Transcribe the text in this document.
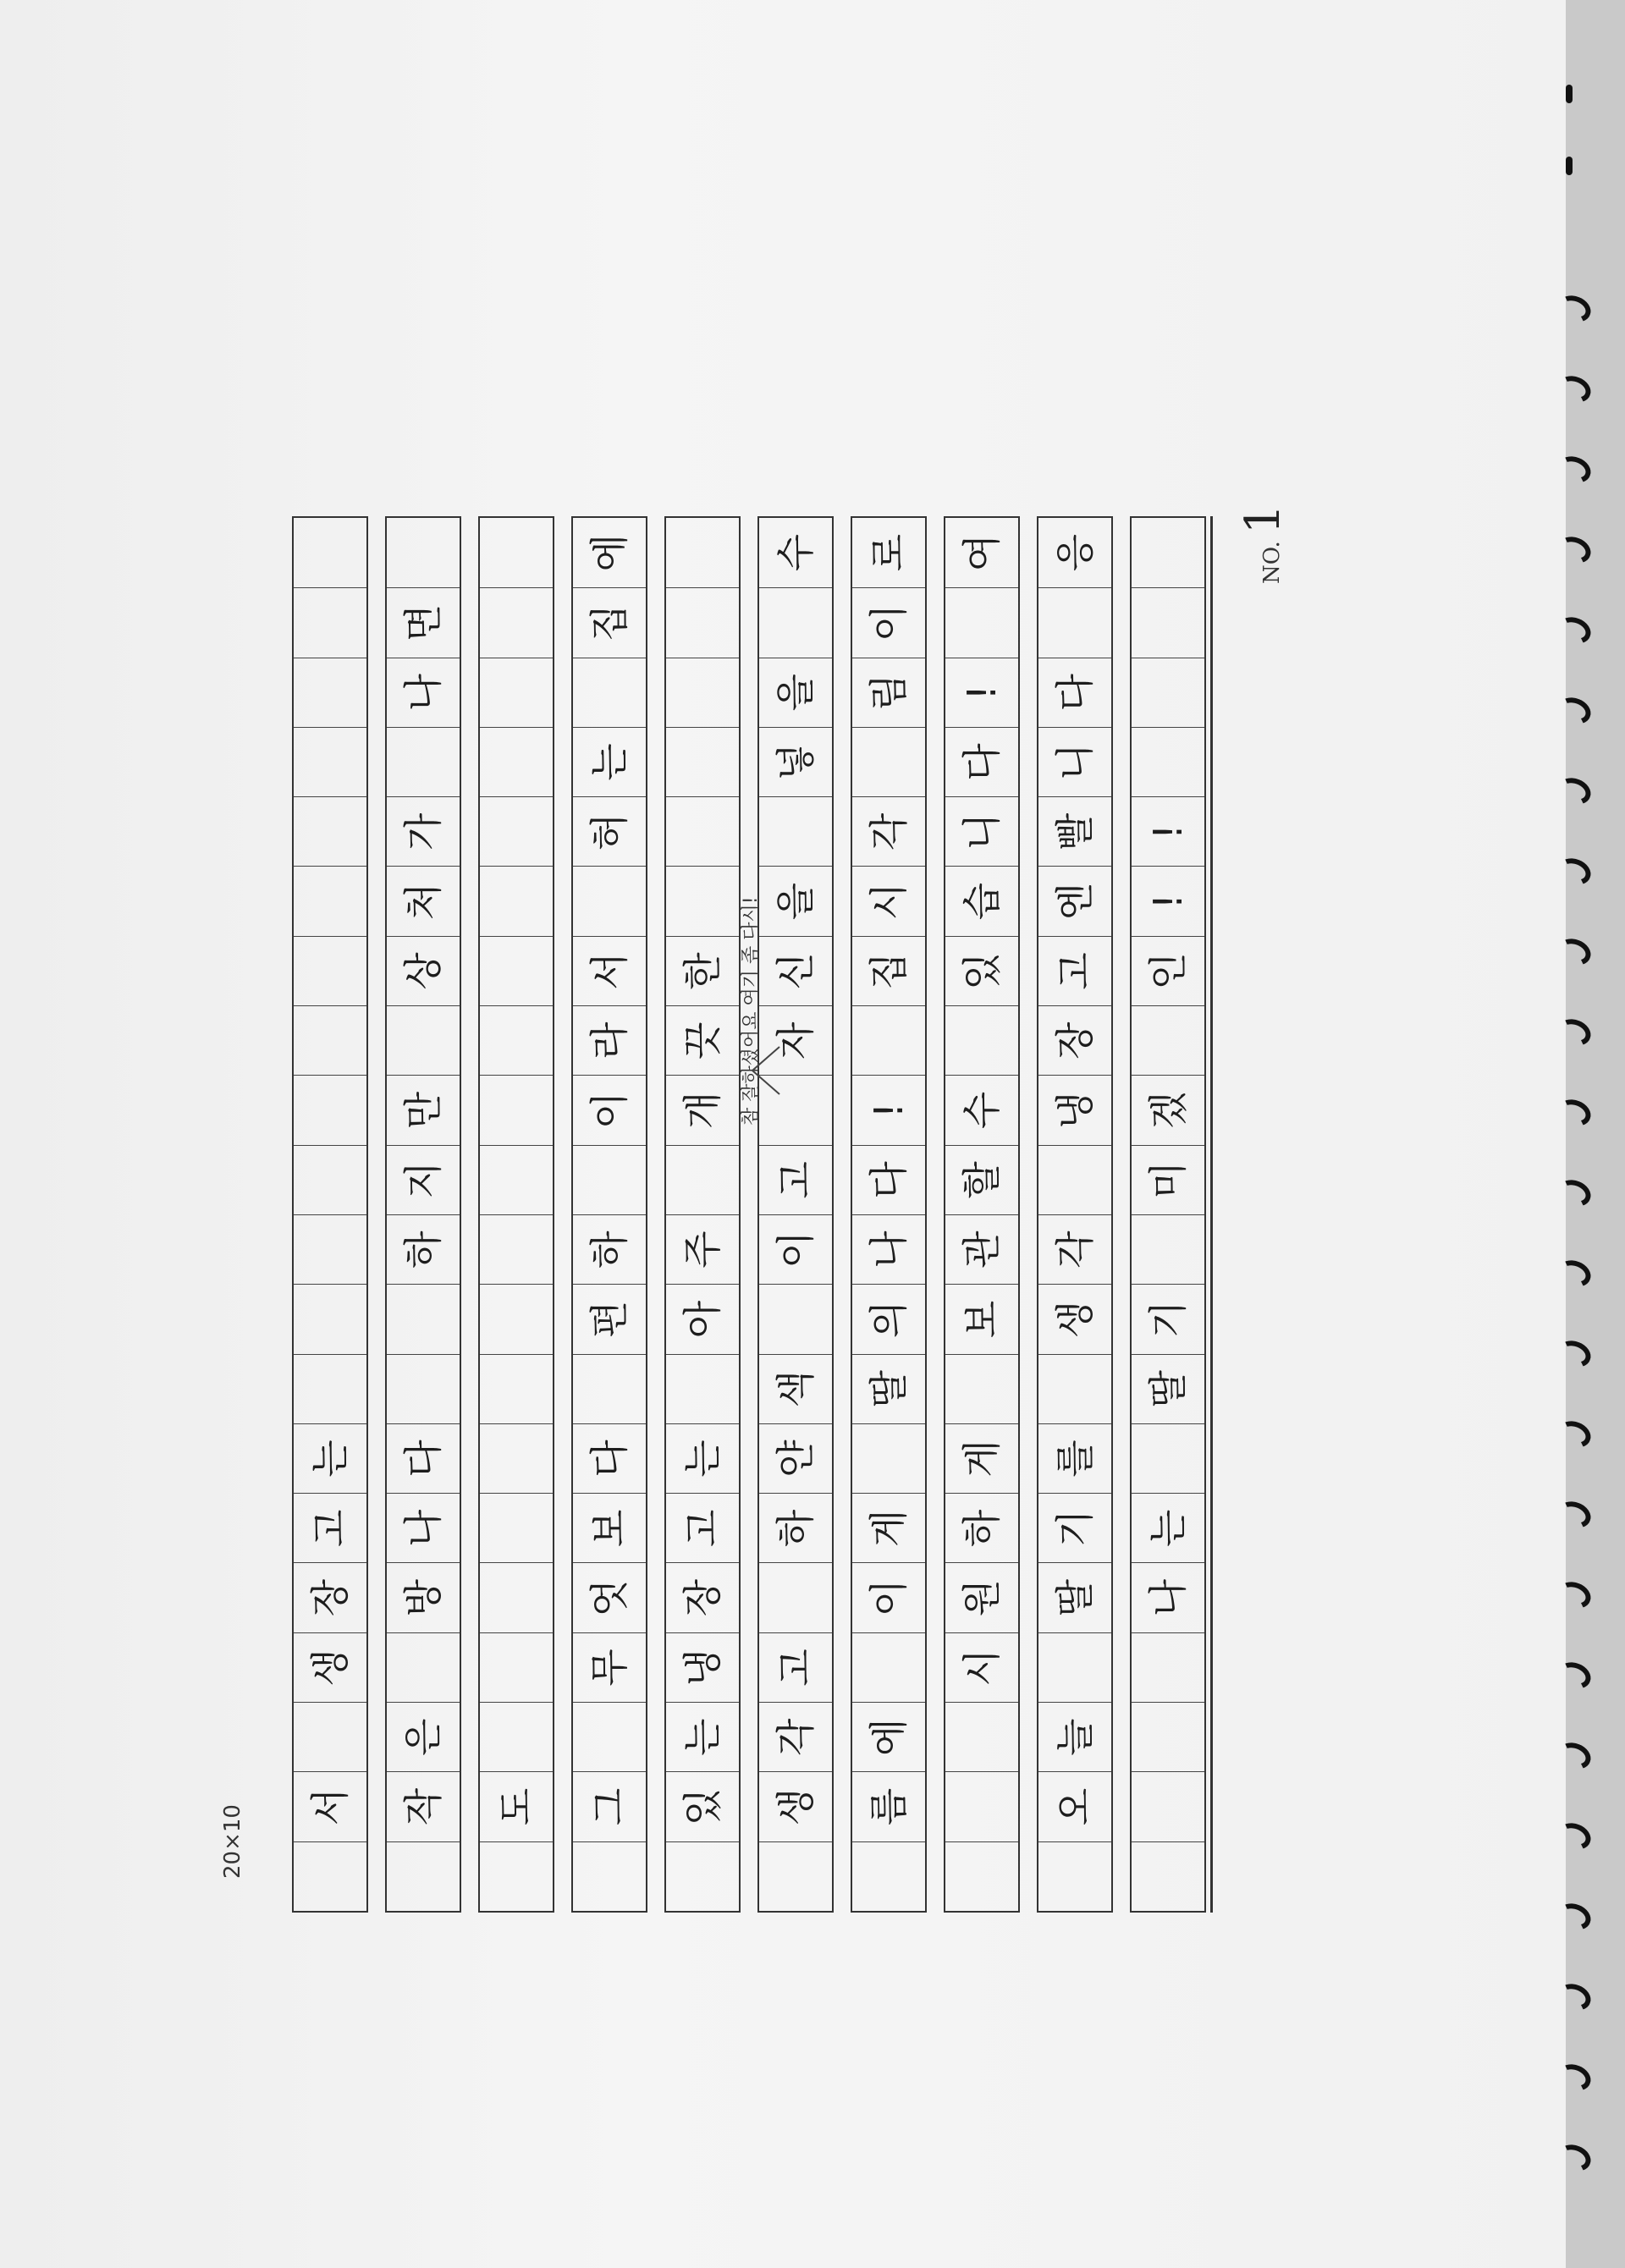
NO.1
20×10
나
는
딸
기
미
겠
인
!
!
오
늘
딸
기
를
생
각
냉
장
고
엔
빨
니
다
응
시
원
하
게
보
관
할
수
있
습
니
다
!
여
름
에
이
게
딸
의
나
다
!
집
시
각
림
이
로
생
각
고
하
얀
색
이
고
자
신
을
넣
을
수
있
는
냉
장
고
는
아
주
개
끗
한
그
무
엇
보
다
편
하
이
라
서
허
는
집
에
도
작
은
방
나
다
하
지
만
상
처
가
나
면
서
생
장
고
는
참 잘하셨어요 여기 좀 다시!
